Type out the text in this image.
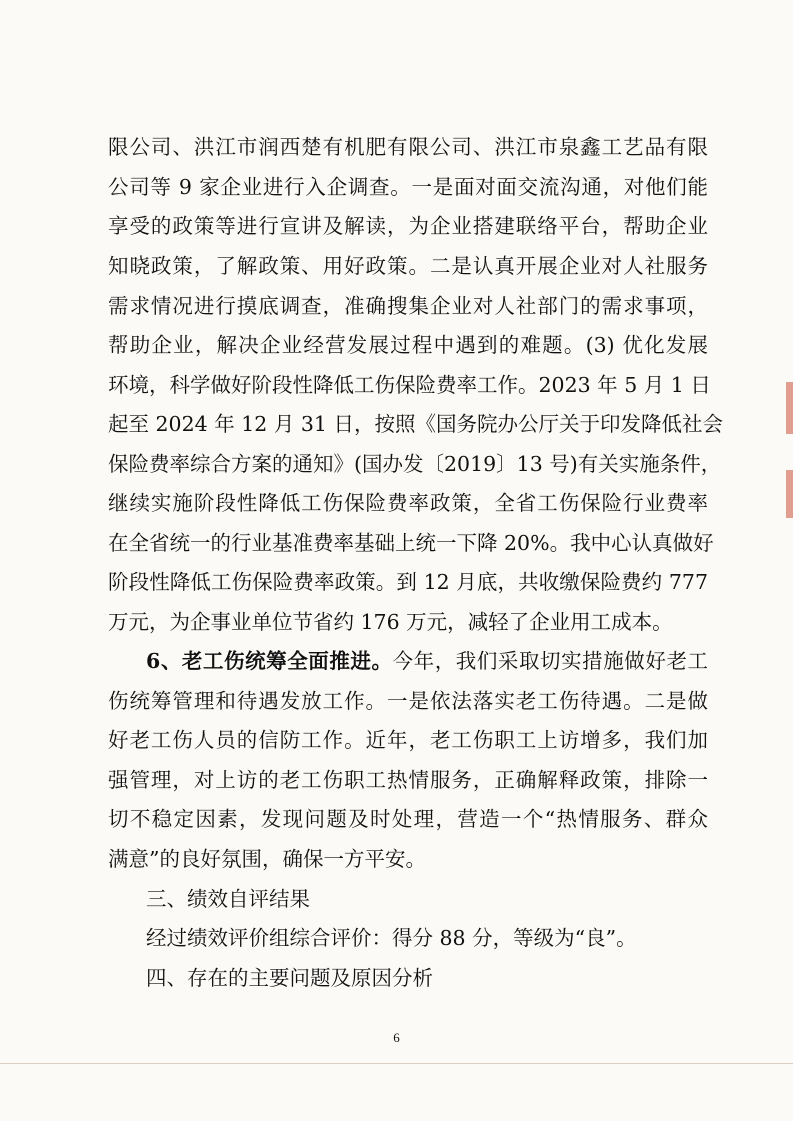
限公司、洪江市润西楚有机肥有限公司、洪江市泉鑫工艺品有限
公司等 9 家企业进行入企调查。一是面对面交流沟通，对他们能
享受的政策等进行宣讲及解读，为企业搭建联络平台，帮助企业
知晓政策，了解政策、用好政策。二是认真开展企业对人社服务
需求情况进行摸底调查，准确搜集企业对人社部门的需求事项，
帮助企业，解决企业经营发展过程中遇到的难题。(3) 优化发展
环境，科学做好阶段性降低工伤保险费率工作。2023 年 5 月 1 日
起至 2024 年 12 月 31 日，按照《国务院办公厅关于印发降低社会
保险费率综合方案的通知》(国办发〔2019〕13 号)有关实施条件，
继续实施阶段性降低工伤保险费率政策，全省工伤保险行业费率
在全省统一的行业基准费率基础上统一下降 20%。我中心认真做好
阶段性降低工伤保险费率政策。到 12 月底，共收缴保险费约 777
万元，为企事业单位节省约 176 万元，减轻了企业用工成本。
6、老工伤统筹全面推进。今年，我们采取切实措施做好老工
伤统筹管理和待遇发放工作。一是依法落实老工伤待遇。二是做
好老工伤人员的信防工作。近年，老工伤职工上访增多，我们加
强管理，对上访的老工伤职工热情服务，正确解释政策，排除一
切不稳定因素，发现问题及时处理，营造一个“热情服务、群众
满意”的良好氛围，确保一方平安。
三、绩效自评结果
经过绩效评价组综合评价：得分 88 分，等级为“良”。
四、存在的主要问题及原因分析
6
